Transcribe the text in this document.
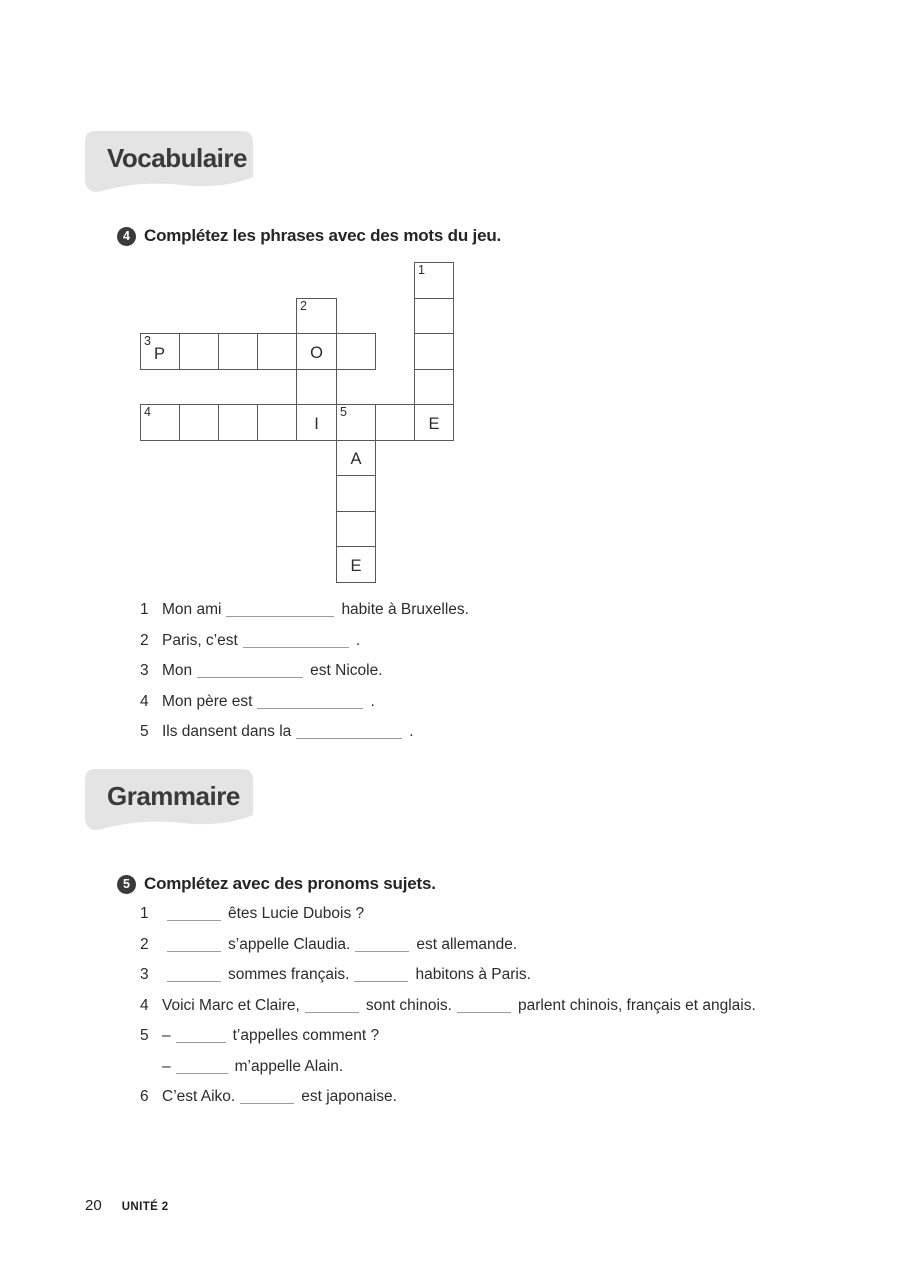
Vocabulaire
4 Complétez les phrases avec des mots du jeu.
1
2
3
P	O
4
I
5
E
A
E
1 Mon ami	habite à Bruxelles.
2 Paris, c’est	.
3 Mon	est Nicole.
4 Mon père est	.
5 Ils dansent dans la	.
Grammaire
5 Complétez avec des pronoms sujets.
1	êtes Lucie Dubois ?
2	s’appelle Claudia.	est allemande.
3	sommes français.	habitons à Paris.
4 Voici Marc et Claire,	sont chinois.	parlent chinois, français et anglais.
5 –	t’appelles comment ?
–	m’appelle Alain.
6 C’est Aiko.	est japonaise.
20 UNITÉ 2
